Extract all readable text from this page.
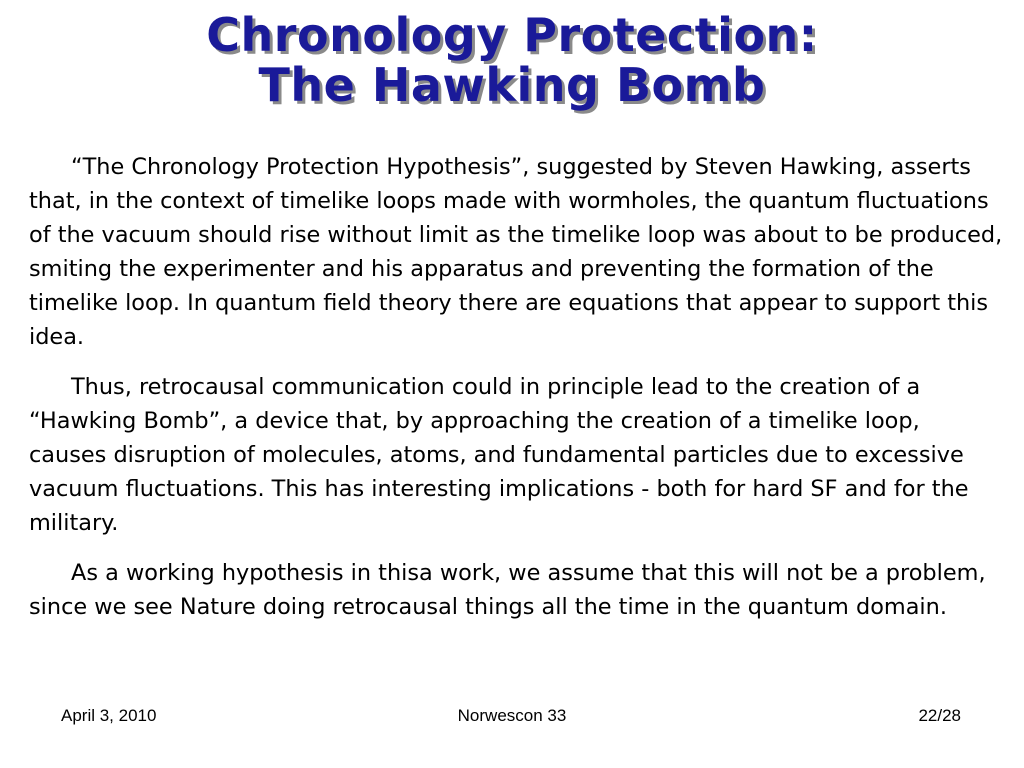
Chronology Protection:
The Hawking Bomb

“The Chronology Protection Hypothesis”, suggested by Steven Hawking, asserts that, in the context of timelike loops made with wormholes, the quantum fluctuations of the vacuum should rise without limit as the timelike loop was about to be produced, smiting the experimenter and his apparatus and preventing the formation of the timelike loop. In quantum field theory there are equations that appear to support this idea.

Thus, retrocausal communication could in principle lead to the creation of a “Hawking Bomb”, a device that, by approaching the creation of a timelike loop, causes disruption of molecules, atoms, and fundamental particles due to excessive vacuum fluctuations. This has interesting implications - both for hard SF and for the military.

As a working hypothesis in thisa work, we assume that this will not be a problem, since we see Nature doing retrocausal things all the time in the quantum domain.

Norwescon 33
April 3, 2010	22/28
